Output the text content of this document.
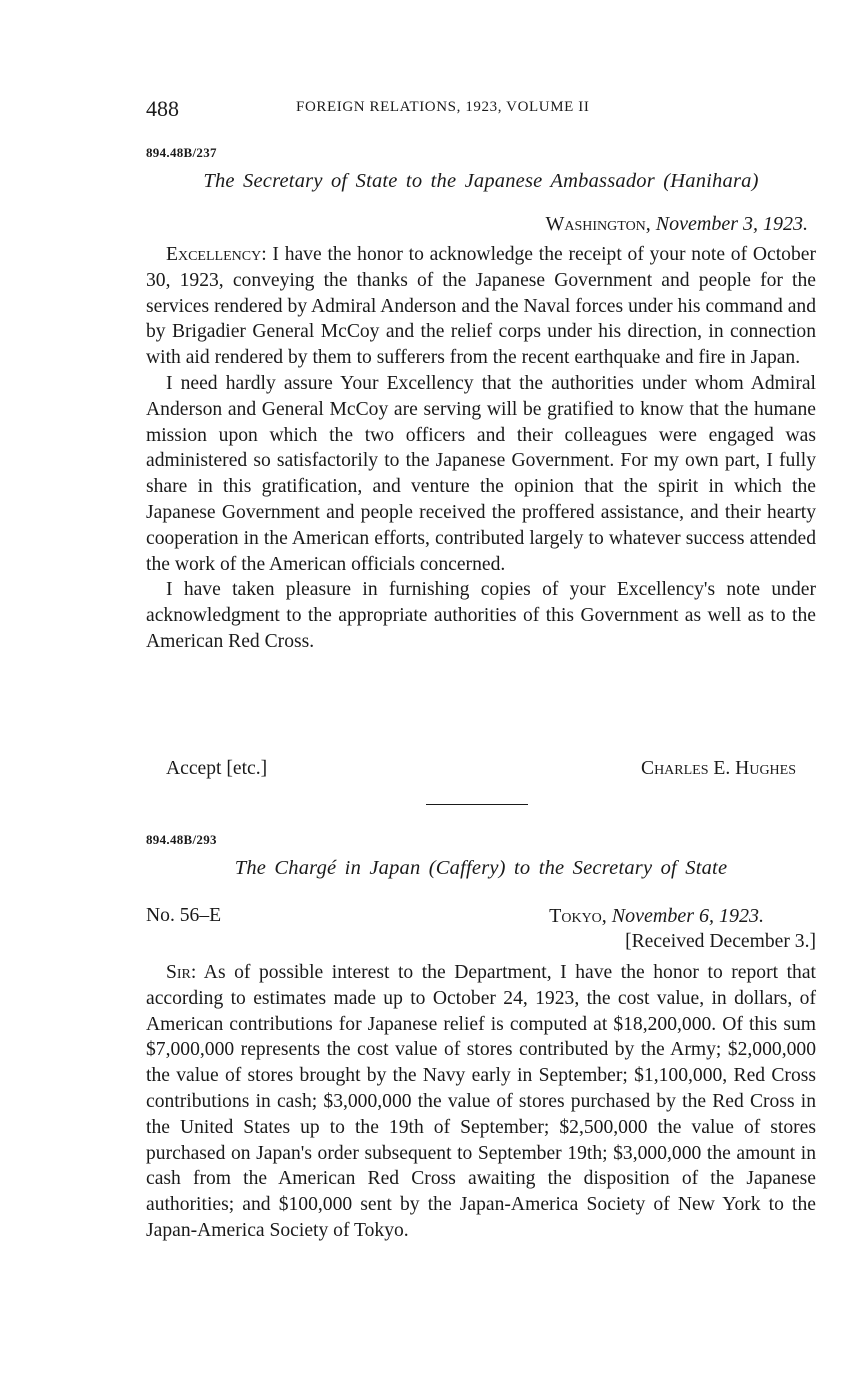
488	FOREIGN RELATIONS, 1923, VOLUME II
894.48B/237
The Secretary of State to the Japanese Ambassador (Hanihara)
Washington, November 3, 1923.

Excellency: I have the honor to acknowledge the receipt of your note of October 30, 1923, conveying the thanks of the Japanese Government and people for the services rendered by Admiral Anderson and the Naval forces under his command and by Brigadier General McCoy and the relief corps under his direction, in connection with aid rendered by them to sufferers from the recent earthquake and fire in Japan.

I need hardly assure Your Excellency that the authorities under whom Admiral Anderson and General McCoy are serving will be gratified to know that the humane mission upon which the two officers and their colleagues were engaged was administered so satisfactorily to the Japanese Government. For my own part, I fully share in this gratification, and venture the opinion that the spirit in which the Japanese Government and people received the proffered assistance, and their hearty cooperation in the American efforts, contributed largely to whatever success attended the work of the American officials concerned.

I have taken pleasure in furnishing copies of your Excellency's note under acknowledgment to the appropriate authorities of this Government as well as to the American Red Cross.

Accept [etc.]	Charles E. Hughes
894.48B/293
The Chargé in Japan (Caffery) to the Secretary of State
No. 56–E	Tokyo, November 6, 1923.
[Received December 3.]

Sir: As of possible interest to the Department, I have the honor to report that according to estimates made up to October 24, 1923, the cost value, in dollars, of American contributions for Japanese relief is computed at $18,200,000. Of this sum $7,000,000 represents the cost value of stores contributed by the Army; $2,000,000 the value of stores brought by the Navy early in September; $1,100,000, Red Cross contributions in cash; $3,000,000 the value of stores purchased by the Red Cross in the United States up to the 19th of September; $2,500,000 the value of stores purchased on Japan's order subsequent to September 19th; $3,000,000 the amount in cash from the American Red Cross awaiting the disposition of the Japanese authorities; and $100,000 sent by the Japan-America Society of New York to the Japan-America Society of Tokyo.
